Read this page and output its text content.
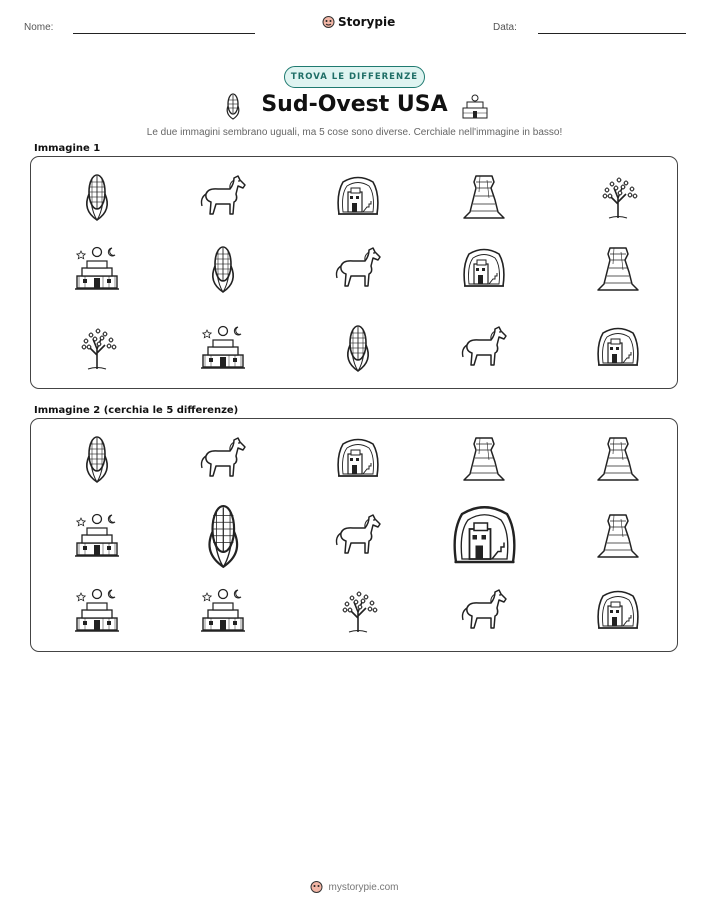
Nome:	Storypie	Data:
TROVA LE DIFFERENZE
Sud-Ovest USA
Le due immagini sembrano uguali, ma 5 cose sono diverse. Cerchiale nell'immagine in basso!
Immagine 1
Immagine 2 (cerchia le 5 differenze)
mystorypie.com
